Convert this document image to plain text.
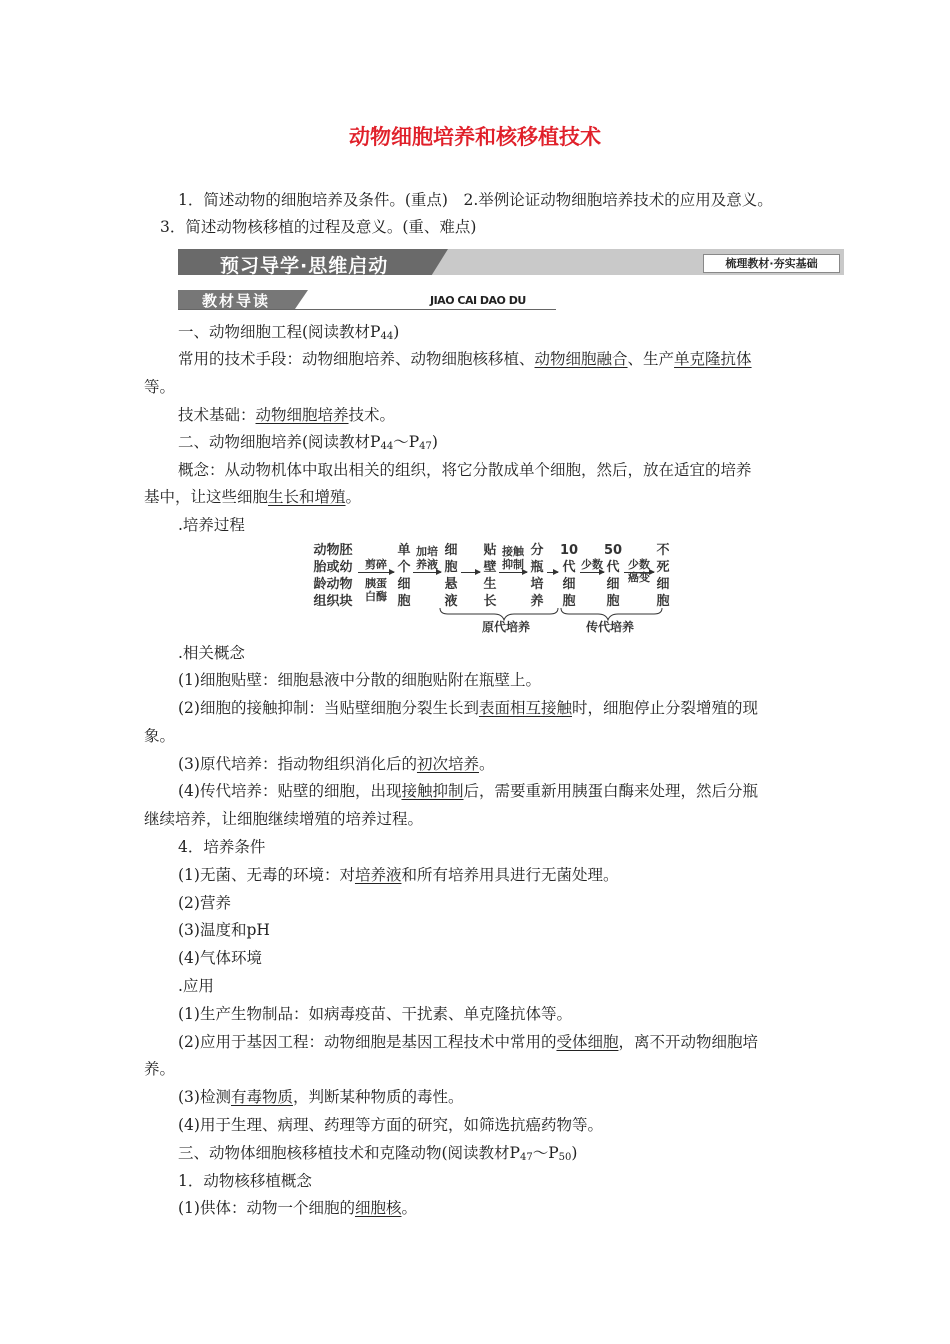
动物细胞培养和核移植技术
1．简述动物的细胞培养及条件。(重点)　2.举例论证动物细胞培养技术的应用及意义。
3．简述动物核移植的过程及意义。(重、难点)
预习导学·思维启动	梳理教材·夯实基础
教材导读	JIAO CAI DAO DU
一、动物细胞工程(阅读教材$P_{44}$)
常用的技术手段：动物细胞培养、动物细胞核移植、动物细胞融合、生产单克隆抗体
等。
技术基础：动物细胞培养技术。
二、动物细胞培养(阅读教材$P_{44}\sim P_{47}$)
概念：从动物机体中取出相关的组织，将它分散成单个细胞，然后，放在适宜的培养
基中，让这些细胞生长和增殖。
.培养过程
动物胚
胎或幼
龄动物
组织块
剪碎
胰蛋
白酶
单
个
细
胞
加培
养液
细
胞
悬
液
贴
壁
生
长
接触
抑制
分
瓶
培
养
10
代
细
胞
少数
50
代
细
胞
少数
癌变
不
死
细
胞
原代培养	传代培养
.相关概念
(1)细胞贴壁：细胞悬液中分散的细胞贴附在瓶壁上。
(2)细胞的接触抑制：当贴壁细胞分裂生长到表面相互接触时，细胞停止分裂增殖的现
象。
(3)原代培养：指动物组织消化后的初次培养。
(4)传代培养：贴壁的细胞，出现接触抑制后，需要重新用胰蛋白酶来处理，然后分瓶
继续培养，让细胞继续增殖的培养过程。
4．培养条件
(1)无菌、无毒的环境：对培养液和所有培养用具进行无菌处理。
(2)营养
(3)温度和pH
(4)气体环境
.应用
(1)生产生物制品：如病毒疫苗、干扰素、单克隆抗体等。
(2)应用于基因工程：动物细胞是基因工程技术中常用的受体细胞，离不开动物细胞培
养。
(3)检测有毒物质，判断某种物质的毒性。
(4)用于生理、病理、药理等方面的研究，如筛选抗癌药物等。
三、动物体细胞核移植技术和克隆动物(阅读教材$P_{47}\sim P_{50}$)
1．动物核移植概念
(1)供体：动物一个细胞的细胞核。
